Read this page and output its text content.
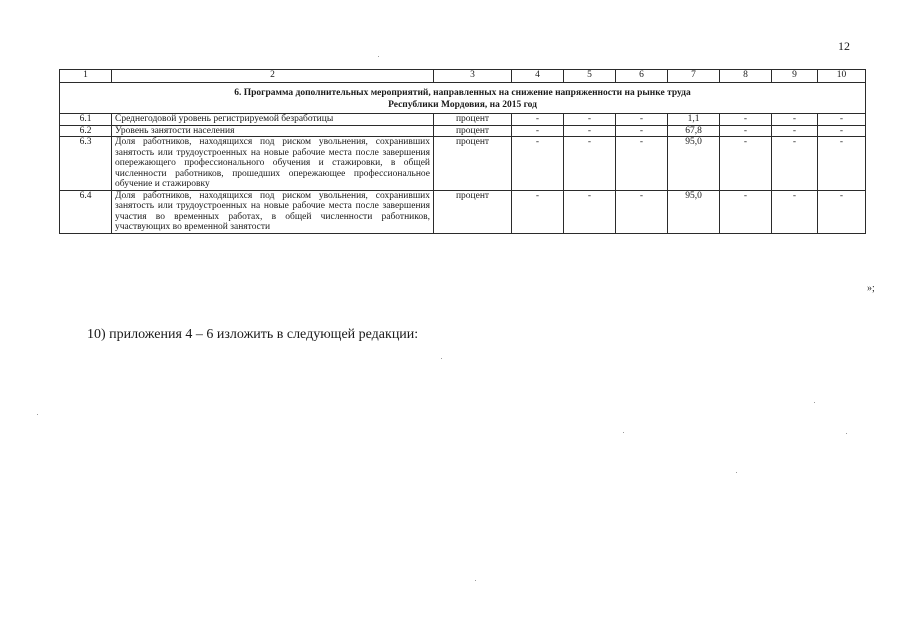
12
1	2	3	4	5	6	7	8	9	10

6. Программа дополнительных мероприятий, направленных на снижение напряженности на рынке труда
Республики Мордовия, на 2015 год									

6.1	Среднегодовой уровень регистрируемой безработицы	процент	-	-	-	1,1	-	-	-
6.2	Уровень занятости населения	процент	-	-	-	67,8	-	-	-
6.3	Доля работников, находящихся под риском увольнения, сохранивших занятость или трудоустроенных на новые рабочие места после завершения опережающего профессионального обучения и стажировки, в общей численности работников, прошедших опережающее профессиональное обучение и стажировку	процент	-	-	-	95,0	-	-	-
6.4	Доля работников, находящихся под риском увольнения, сохранивших занятость или трудоустроенных на новые рабочие места после завершения участия во временных работах, в общей численности работников, участвующих во временной занятости	процент	-	-	-	95,0	-	-	-
»;
10) приложения 4 – 6 изложить в следующей редакции:
